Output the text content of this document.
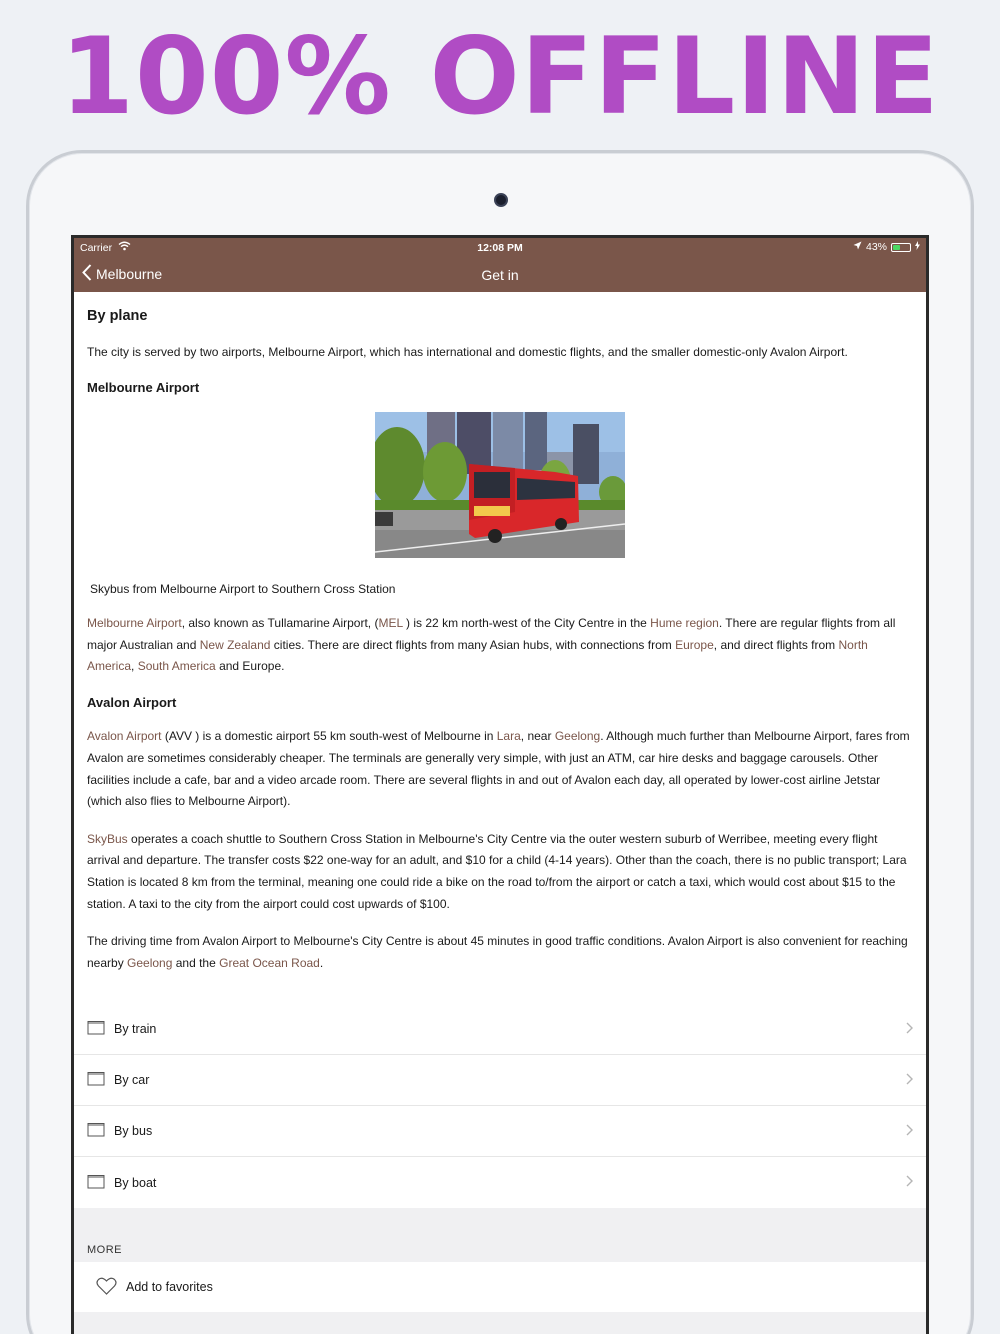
100% OFFLINE
Carrier	12:08 PM	43%
Melbourne	Get in
By plane

The city is served by two airports, Melbourne Airport, which has international and domestic flights, and the smaller domestic-only Avalon Airport.

Melbourne Airport
Skybus from Melbourne Airport to Southern Cross Station

Melbourne Airport, also known as Tullamarine Airport, (MEL ) is 22 km north-west of the City Centre in the Hume region. There are regular flights from all major Australian and New Zealand cities. There are direct flights from many Asian hubs, with connections from Europe, and direct flights from North America, South America and Europe.

Avalon Airport

Avalon Airport (AVV ) is a domestic airport 55 km south-west of Melbourne in Lara, near Geelong. Although much further than Melbourne Airport, fares from Avalon are sometimes considerably cheaper. The terminals are generally very simple, with just an ATM, car hire desks and baggage carousels. Other facilities include a cafe, bar and a video arcade room. There are several flights in and out of Avalon each day, all operated by lower-cost airline Jetstar (which also flies to Melbourne Airport).

SkyBus operates a coach shuttle to Southern Cross Station in Melbourne's City Centre via the outer western suburb of Werribee, meeting every flight arrival and departure. The transfer costs $22 one-way for an adult, and $10 for a child (4-14 years). Other than the coach, there is no public transport; Lara Station is located 8 km from the terminal, meaning one could ride a bike on the road to/from the airport or catch a taxi, which would cost about $15 to the station. A taxi to the city from the airport could cost upwards of $100.

The driving time from Avalon Airport to Melbourne's City Centre is about 45 minutes in good traffic conditions. Avalon Airport is also convenient for reaching nearby Geelong and the Great Ocean Road.

By train
By car
By bus
By boat
MORE
Add to favorites
